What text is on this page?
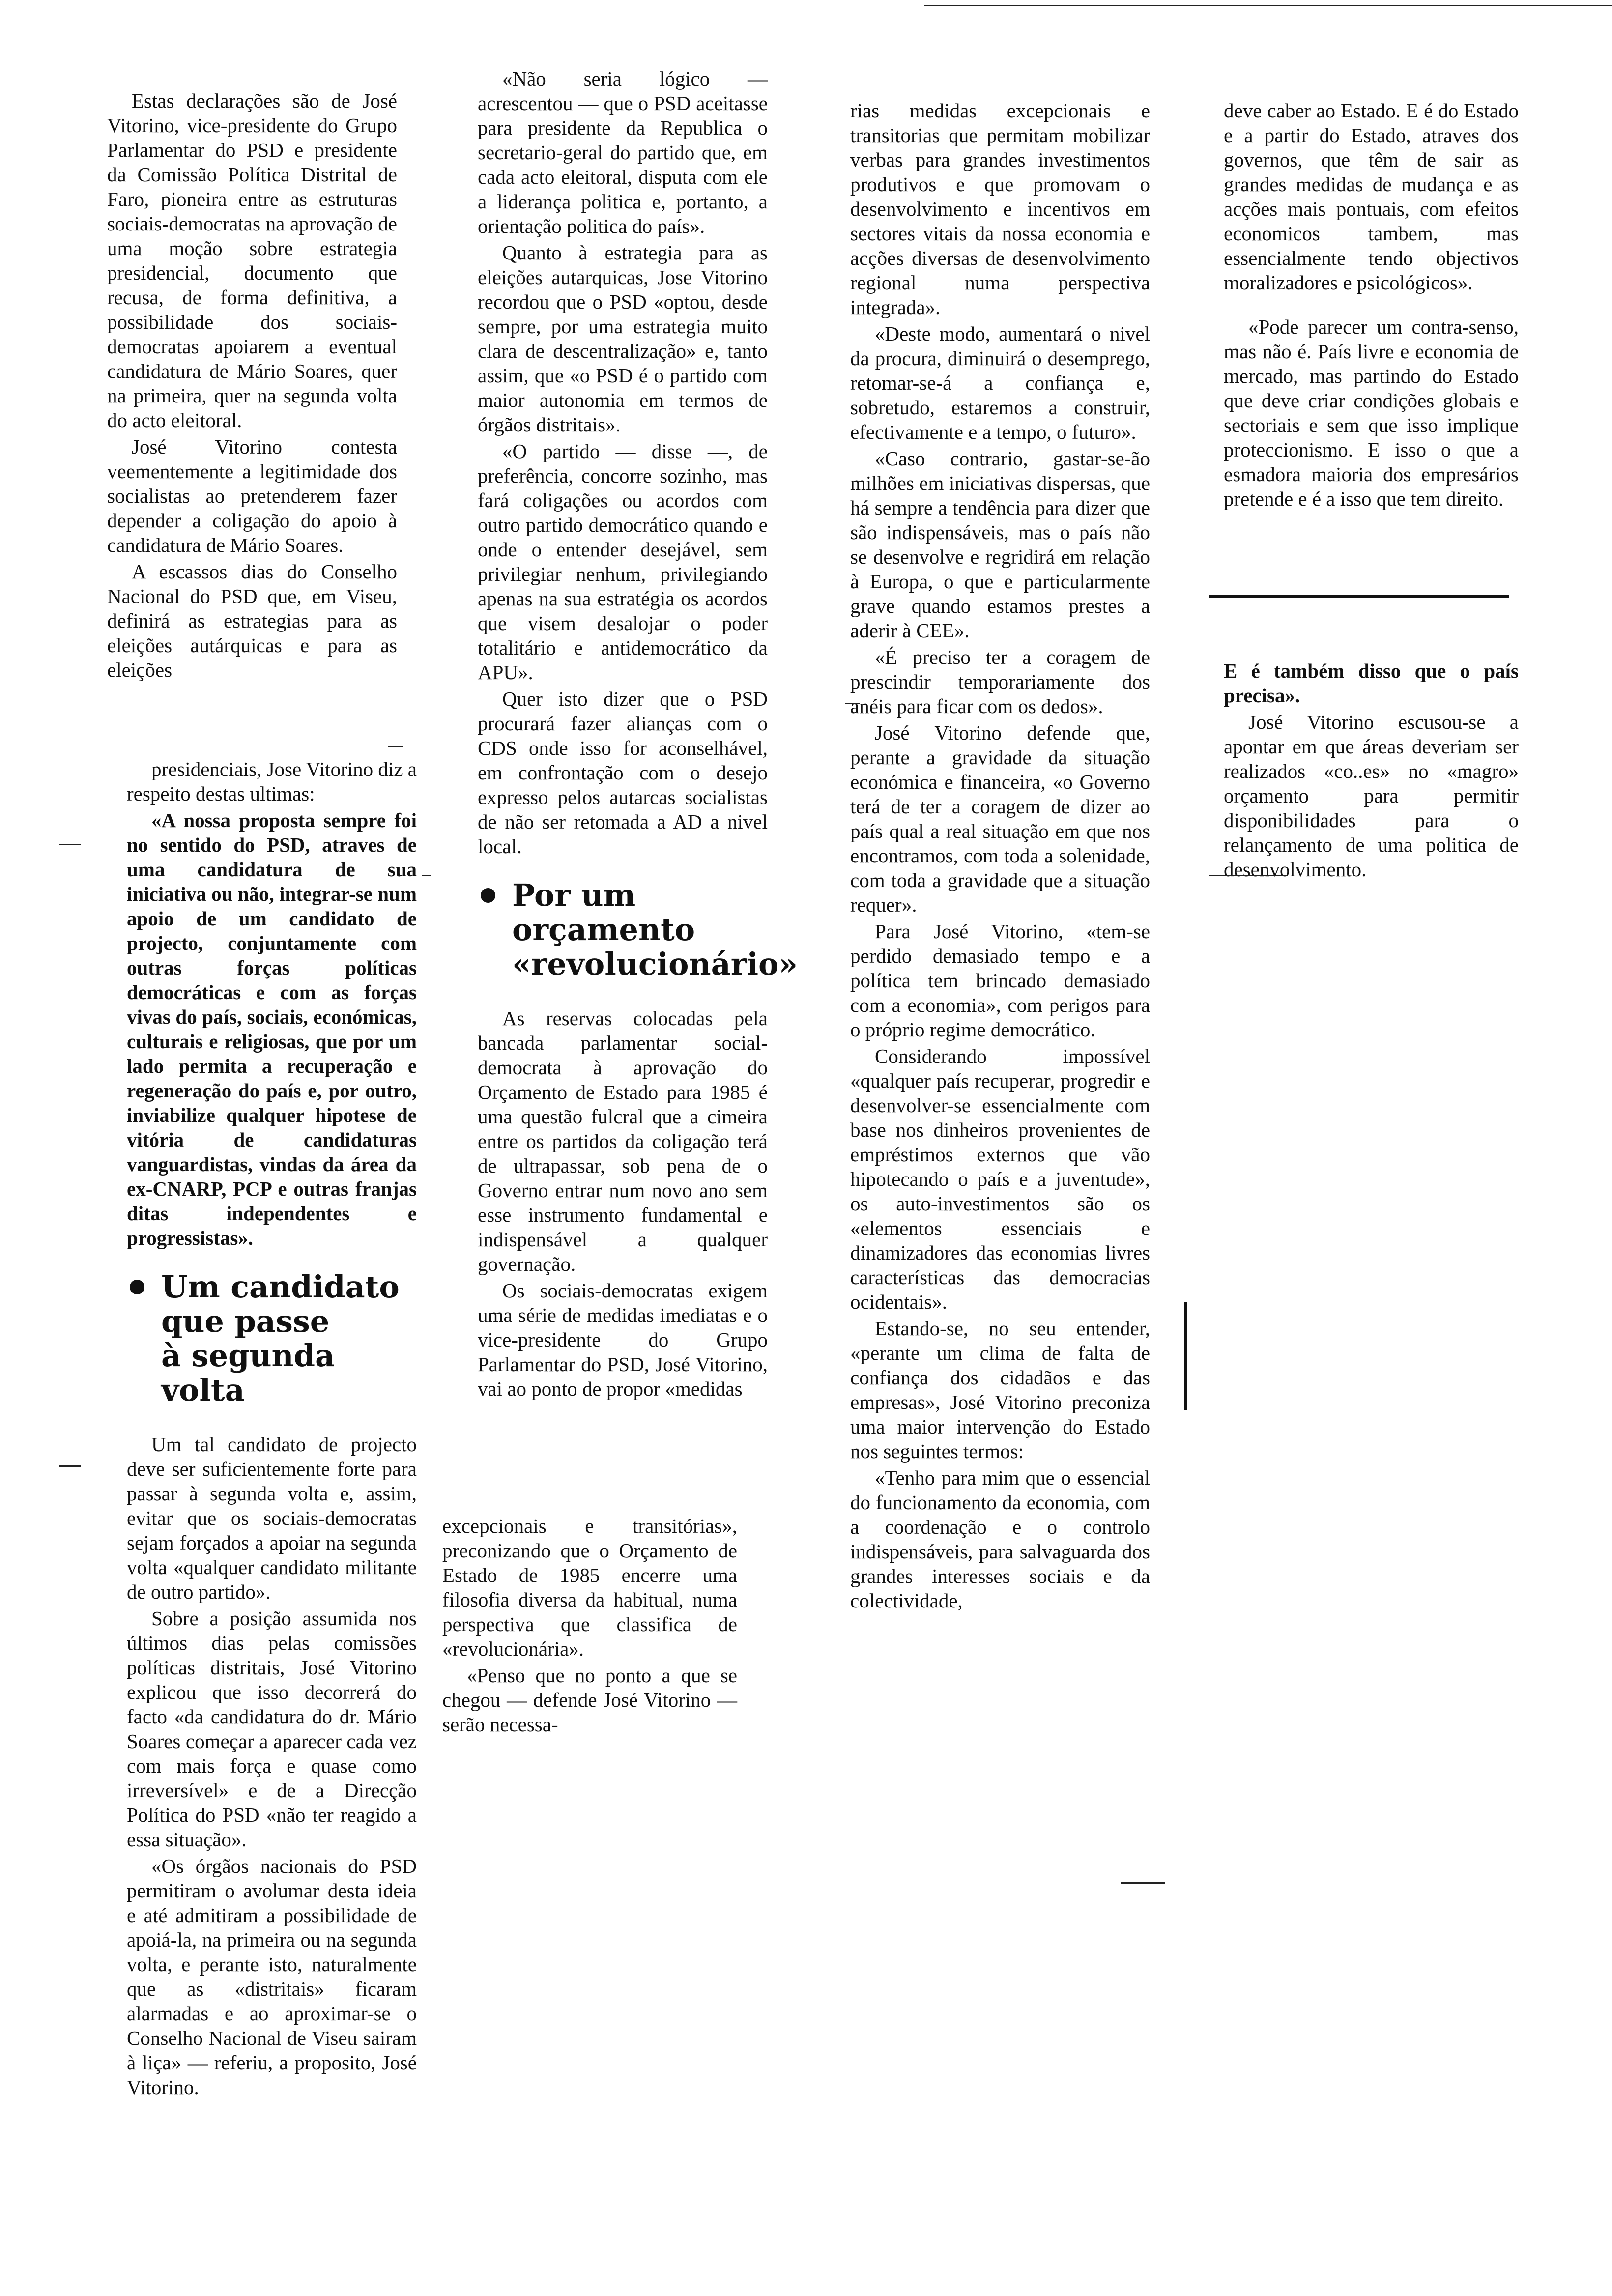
Estas declarações são de José Vitorino, vice-presidente do Grupo Parlamentar do PSD e presidente da Comissão Política Distrital de Faro, pioneira entre as estruturas sociais-democratas na aprovação de uma moção sobre estrategia presidencial, documento que recusa, de forma definitiva, a possibilidade dos sociais-democratas apoiarem a eventual candidatura de Mário Soares, quer na primeira, quer na segunda volta do acto eleitoral.

José Vitorino contesta veementemente a legitimidade dos socialistas ao pretenderem fazer depender a coligação do apoio à candidatura de Mário Soares.

A escassos dias do Conselho Nacional do PSD que, em Viseu, definirá as estrategias para as eleições autárquicas e para as eleições

presidenciais, Jose Vitorino diz a respeito destas ultimas:

«A nossa proposta sempre foi no sentido do PSD, atraves de uma candidatura de sua iniciativa ou não, integrar-se num apoio de um candidato de projecto, conjuntamente com outras forças políticas democráticas e com as forças vivas do país, sociais, económicas, culturais e religiosas, que por um lado permita a recuperação e regeneração do país e, por outro, inviabilize qualquer hipotese de vitória de candidaturas vanguardistas, vindas da área da ex-CNARP, PCP e outras franjas ditas independentes e progressistas».

Um candidato
que passe
à segunda volta

Um tal candidato de projecto deve ser suficientemente forte para passar à segunda volta e, assim, evitar que os sociais-democratas sejam forçados a apoiar na segunda volta «qualquer candidato militante de outro partido».

Sobre a posição assumida nos últimos dias pelas comissões políticas distritais, José Vitorino explicou que isso decorrerá do facto «da candidatura do dr. Mário Soares começar a aparecer cada vez com mais força e quase como irreversível» e de a Direcção Política do PSD «não ter reagido a essa situação».

«Os órgãos nacionais do PSD permitiram o avolumar desta ideia e até admitiram a possibilidade de apoiá-la, na primeira ou na segunda volta, e perante isto, naturalmente que as «distritais» ficaram alarmadas e ao aproximar-se o Conselho Nacional de Viseu sairam à liça» — referiu, a proposito, José Vitorino.

«Não seria lógico — acrescentou — que o PSD aceitasse para presidente da Republica o secretario-geral do partido que, em cada acto eleitoral, disputa com ele a liderança politica e, portanto, a orientação politica do país».

Quanto à estrategia para as eleições autarquicas, Jose Vitorino recordou que o PSD «optou, desde sempre, por uma estrategia muito clara de descentralização» e, tanto assim, que «o PSD é o partido com maior autonomia em termos de órgãos distritais».

«O partido — disse —, de preferência, concorre sozinho, mas fará coligações ou acordos com outro partido democrático quando e onde o entender desejável, sem privilegiar nenhum, privilegiando apenas na sua estratégia os acordos que visem desalojar o poder totalitário e antidemocrático da APU».

Quer isto dizer que o PSD procurará fazer alianças com o CDS onde isso for aconselhável, em confrontação com o desejo expresso pelos autarcas socialistas de não ser retomada a AD a nivel local.

Por um
orçamento
«revolucionário»

As reservas colocadas pela bancada parlamentar social-democrata à aprovação do Orçamento de Estado para 1985 é uma questão fulcral que a cimeira entre os partidos da coligação terá de ultrapassar, sob pena de o Governo entrar num novo ano sem esse instrumento fundamental e indispensável a qualquer governação.

Os sociais-democratas exigem uma série de medidas imediatas e o vice-presidente do Grupo Parlamentar do PSD, José Vitorino, vai ao ponto de propor «medidas

excepcionais e transitórias», preconizando que o Orçamento de Estado de 1985 encerre uma filosofia diversa da habitual, numa perspectiva que classifica de «revolucionária».

«Penso que no ponto a que se chegou — defende José Vitorino — serão necessa-

rias medidas excepcionais e transitorias que permitam mobilizar verbas para grandes investimentos produtivos e que promovam o desenvolvimento e incentivos em sectores vitais da nossa economia e acções diversas de desenvolvimento regional numa perspectiva integrada».

«Deste modo, aumentará o nivel da procura, diminuirá o desemprego, retomar-se-á a confiança e, sobretudo, estaremos a construir, efectivamente e a tempo, o futuro».

«Caso contrario, gastar-se-ão milhões em iniciativas dispersas, que há sempre a tendência para dizer que são indispensáveis, mas o país não se desenvolve e regridirá em relação à Europa, o que e particularmente grave quando estamos prestes a aderir à CEE».

«É preciso ter a coragem de prescindir temporariamente dos anéis para ficar com os dedos».

José Vitorino defende que, perante a gravidade da situação económica e financeira, «o Governo terá de ter a coragem de dizer ao país qual a real situação em que nos encontramos, com toda a solenidade, com toda a gravidade que a situação requer».

Para José Vitorino, «tem-se perdido demasiado tempo e a política tem brincado demasiado com a economia», com perigos para o próprio regime democrático.

Considerando impossível «qualquer país recuperar, progredir e desenvolver-se essencialmente com base nos dinheiros provenientes de empréstimos externos que vão hipotecando o país e a juventude», os auto-investimentos são os «elementos essenciais e dinamizadores das economias livres características das democracias ocidentais».

Estando-se, no seu entender, «perante um clima de falta de confiança dos cidadãos e das empresas», José Vitorino preconiza uma maior intervenção do Estado nos seguintes termos:

«Tenho para mim que o essencial do funcionamento da economia, com a coordenação e o controlo indispensáveis, para salvaguarda dos grandes interesses sociais e da colectividade,

deve caber ao Estado. E é do Estado e a partir do Estado, atraves dos governos, que têm de sair as grandes medidas de mudança e as acções mais pontuais, com efeitos economicos tambem, mas essencialmente tendo objectivos moralizadores e psicológicos».

«Pode parecer um contra-senso, mas não é. País livre e economia de mercado, mas partindo do Estado que deve criar condições globais e sectoriais e sem que isso implique proteccionismo. E isso o que a esmadora maioria dos empresários pretende e é a isso que tem direito.

E é também disso que o país precisa».

José Vitorino escusou-se a apontar em que áreas deveriam ser realizados «co..es» no «magro» orçamento para permitir disponibilidades para o relançamento de uma politica de desenvolvimento.
